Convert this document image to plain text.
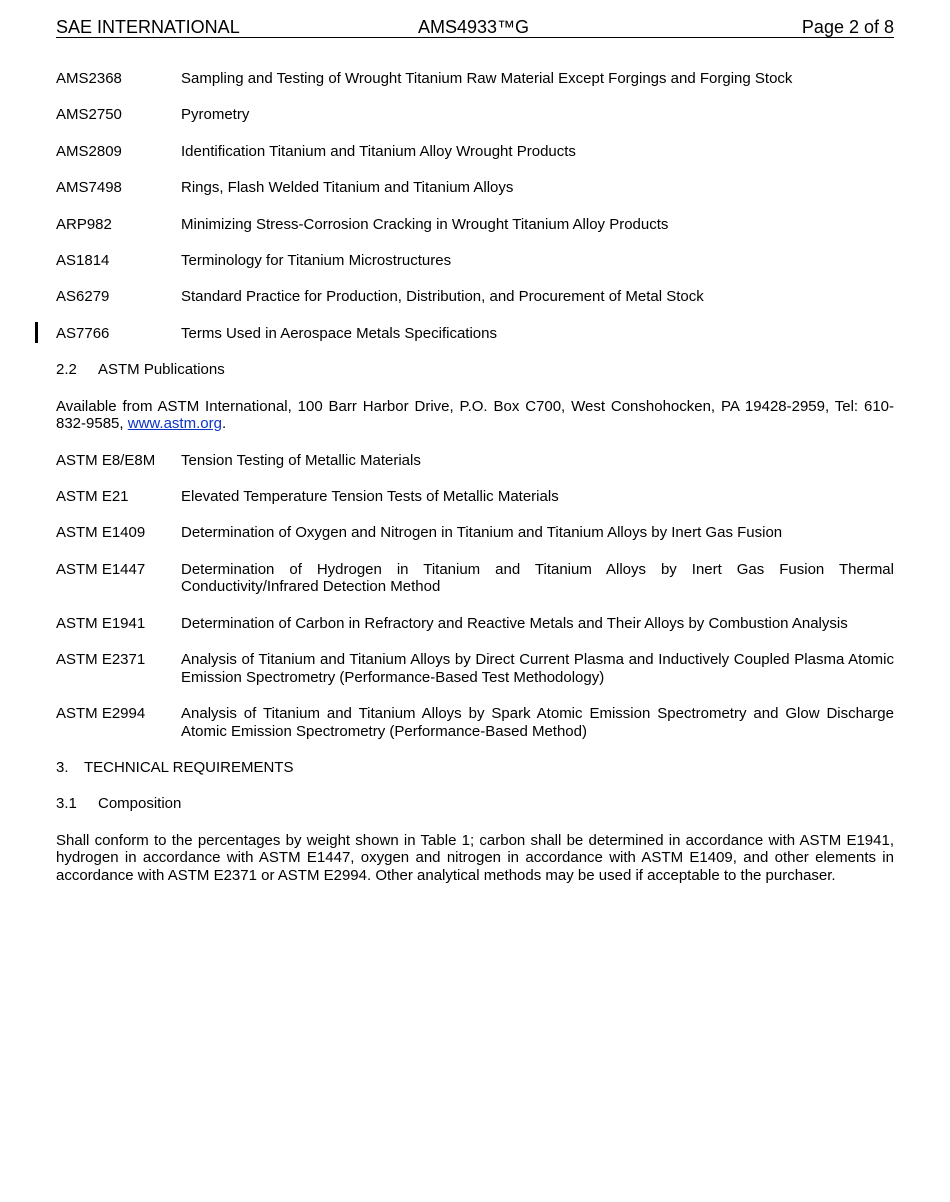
SAE INTERNATIONAL	AMS4933™G	Page 2 of 8
AMS2368	Sampling and Testing of Wrought Titanium Raw Material Except Forgings and Forging Stock
AMS2750	Pyrometry
AMS2809	Identification Titanium and Titanium Alloy Wrought Products
AMS7498	Rings, Flash Welded Titanium and Titanium Alloys
ARP982	Minimizing Stress-Corrosion Cracking in Wrought Titanium Alloy Products
AS1814	Terminology for Titanium Microstructures
AS6279	Standard Practice for Production, Distribution, and Procurement of Metal Stock
AS7766	Terms Used in Aerospace Metals Specifications
2.2	ASTM Publications
Available from ASTM International, 100 Barr Harbor Drive, P.O. Box C700, West Conshohocken, PA 19428-2959, Tel: 610-832-9585, www.astm.org.
ASTM E8/E8M	Tension Testing of Metallic Materials
ASTM E21	Elevated Temperature Tension Tests of Metallic Materials
ASTM E1409	Determination of Oxygen and Nitrogen in Titanium and Titanium Alloys by Inert Gas Fusion
ASTM E1447	Determination of Hydrogen in Titanium and Titanium Alloys by Inert Gas Fusion Thermal Conductivity/Infrared Detection Method
ASTM E1941	Determination of Carbon in Refractory and Reactive Metals and Their Alloys by Combustion Analysis
ASTM E2371	Analysis of Titanium and Titanium Alloys by Direct Current Plasma and Inductively Coupled Plasma Atomic Emission Spectrometry (Performance-Based Test Methodology)
ASTM E2994	Analysis of Titanium and Titanium Alloys by Spark Atomic Emission Spectrometry and Glow Discharge Atomic Emission Spectrometry (Performance-Based Method)
3.	TECHNICAL REQUIREMENTS
3.1	Composition
Shall conform to the percentages by weight shown in Table 1; carbon shall be determined in accordance with ASTM E1941, hydrogen in accordance with ASTM E1447, oxygen and nitrogen in accordance with ASTM E1409, and other elements in accordance with ASTM E2371 or ASTM E2994. Other analytical methods may be used if acceptable to the purchaser.
